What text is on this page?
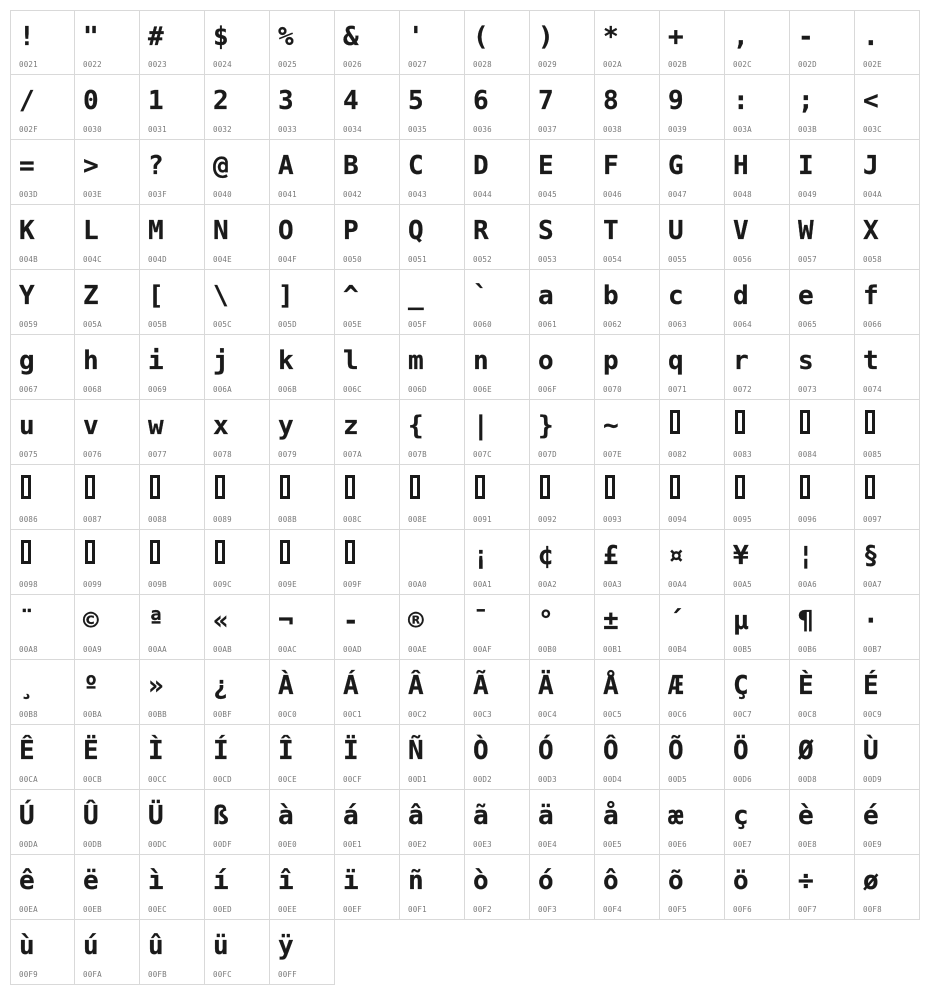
!
0021
"
0022
#
0023
$
0024
%
0025
&
0026
'
0027
(
0028
)
0029
*
002A
+
002B
,
002C
-
002D
.
002E
/
002F
0
0030
1
0031
2
0032
3
0033
4
0034
5
0035
6
0036
7
0037
8
0038
9
0039
:
003A
;
003B
<
003C
=
003D
>
003E
?
003F
@
0040
A
0041
B
0042
C
0043
D
0044
E
0045
F
0046
G
0047
H
0048
I
0049
J
004A
K
004B
L
004C
M
004D
N
004E
O
004F
P
0050
Q
0051
R
0052
S
0053
T
0054
U
0055
V
0056
W
0057
X
0058
Y
0059
Z
005A
[
005B
\
005C
]
005D
^
005E
_
005F
`
0060
a
0061
b
0062
c
0063
d
0064
e
0065
f
0066
g
0067
h
0068
i
0069
j
006A
k
006B
l
006C
m
006D
n
006E
o
006F
p
0070
q
0071
r
0072
s
0073
t
0074
u
0075
v
0076
w
0077
x
0078
y
0079
z
007A
{
007B
|
007C
}
007D
~
007E	0082	0083	0084	0085
0086	0087	0088	0089	008B	008C	008E	0091	0092	0093	0094	0095	0096	0097
0098	0099	009B	009C	009E	009F	00A0
¡
00A1
¢
00A2
£
00A3
¤
00A4
¥
00A5
¦
00A6
§
00A7
¨
00A8
©
00A9
ª
00AA
«
00AB
¬
00AC
-
00AD
®
00AE
¯
00AF
°
00B0
±
00B1
´
00B4
µ
00B5
¶
00B6
·
00B7
¸
00B8
º
00BA
»
00BB
¿
00BF
À
00C0
Á
00C1
Â
00C2
Ã
00C3
Ä
00C4
Å
00C5
Æ
00C6
Ç
00C7
È
00C8
É
00C9
Ê
00CA
Ë
00CB
Ì
00CC
Í
00CD
Î
00CE
Ï
00CF
Ñ
00D1
Ò
00D2
Ó
00D3
Ô
00D4
Õ
00D5
Ö
00D6
Ø
00D8
Ù
00D9
Ú
00DA
Û
00DB
Ü
00DC
ß
00DF
à
00E0
á
00E1
â
00E2
ã
00E3
ä
00E4
å
00E5
æ
00E6
ç
00E7
è
00E8
é
00E9
ê
00EA
ë
00EB
ì
00EC
í
00ED
î
00EE
ï
00EF
ñ
00F1
ò
00F2
ó
00F3
ô
00F4
õ
00F5
ö
00F6
÷
00F7
ø
00F8
ù
00F9
ú
00FA
û
00FB
ü
00FC
ÿ
00FF
